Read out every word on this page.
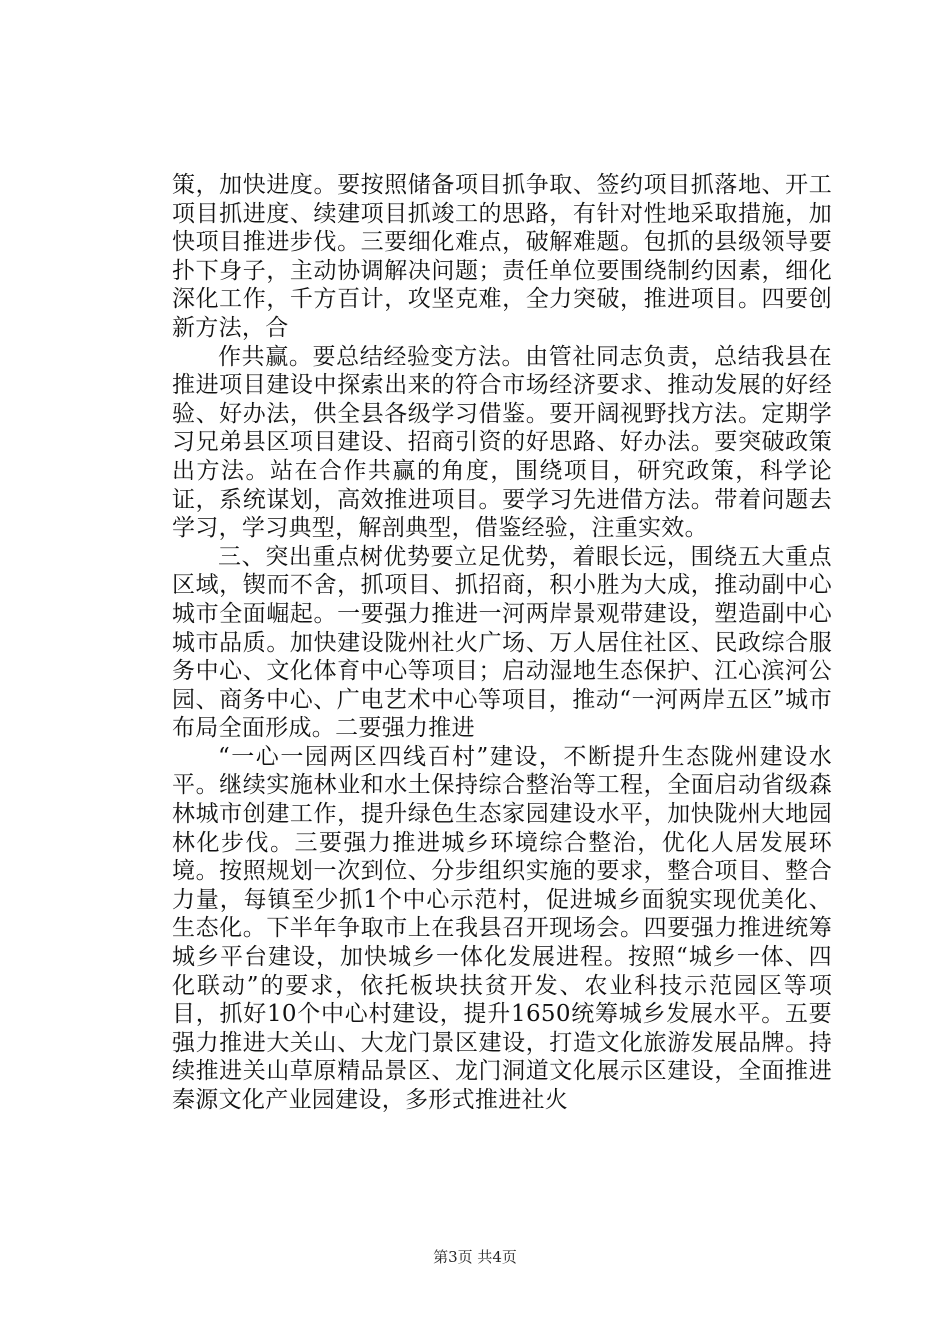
策，加快进度。要按照储备项目抓争取、签约项目抓落地、开工项目抓进度、续建项目抓竣工的思路，有针对性地采取措施，加快项目推进步伐。三要细化难点，破解难题。包抓的县级领导要扑下身子，主动协调解决问题；责任单位要围绕制约因素，细化深化工作，千方百计，攻坚克难，全力突破，推进项目。四要创新方法，合

作共赢。要总结经验变方法。由管社同志负责，总结我县在推进项目建设中探索出来的符合市场经济要求、推动发展的好经验、好办法，供全县各级学习借鉴。要开阔视野找方法。定期学习兄弟县区项目建设、招商引资的好思路、好办法。要突破政策出方法。站在合作共赢的角度，围绕项目，研究政策，科学论证，系统谋划，高效推进项目。要学习先进借方法。带着问题去学习，学习典型，解剖典型，借鉴经验，注重实效。

三、突出重点树优势要立足优势，着眼长远，围绕五大重点区域，锲而不舍，抓项目、抓招商，积小胜为大成，推动副中心城市全面崛起。一要强力推进一河两岸景观带建设，塑造副中心城市品质。加快建设陇州社火广场、万人居住社区、民政综合服务中心、文化体育中心等项目；启动湿地生态保护、江心滨河公园、商务中心、广电艺术中心等项目，推动“一河两岸五区”城市布局全面形成。二要强力推进

“一心一园两区四线百村”建设，不断提升生态陇州建设水平。继续实施林业和水土保持综合整治等工程，全面启动省级森林城市创建工作，提升绿色生态家园建设水平，加快陇州大地园林化步伐。三要强力推进城乡环境综合整治，优化人居发展环境。按照规划一次到位、分步组织实施的要求，整合项目、整合力量，每镇至少抓1个中心示范村，促进城乡面貌实现优美化、生态化。下半年争取市上在我县召开现场会。四要强力推进统筹城乡平台建设，加快城乡一体化发展进程。按照“城乡一体、四化联动”的要求，依托板块扶贫开发、农业科技示范园区等项目，抓好10个中心村建设，提升1650统筹城乡发展水平。五要强力推进大关山、大龙门景区建设，打造文化旅游发展品牌。持续推进关山草原精品景区、龙门洞道文化展示区建设，全面推进秦源文化产业园建设，多形式推进社火

第3页 共4页
